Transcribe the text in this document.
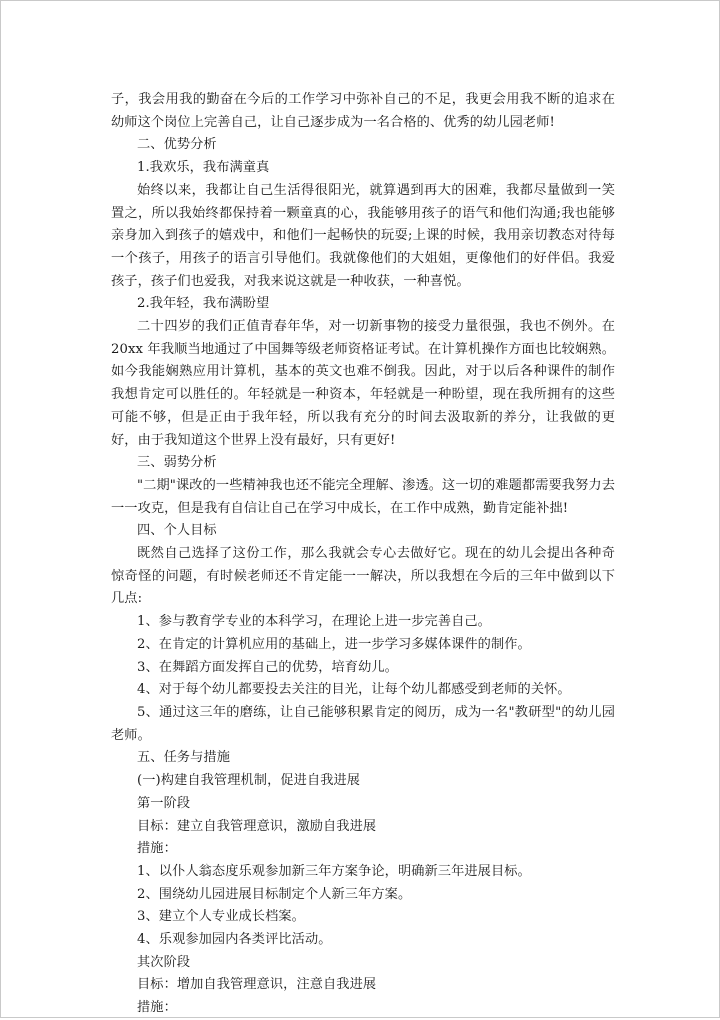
子，我会用我的勤奋在今后的工作学习中弥补自己的不足，我更会用我不断的追求在幼师这个岗位上完善自己，让自己逐步成为一名合格的、优秀的幼儿园老师!

二、优势分析

1.我欢乐，我布满童真

始终以来，我都让自己生活得很阳光，就算遇到再大的困难，我都尽量做到一笑置之，所以我始终都保持着一颗童真的心，我能够用孩子的语气和他们沟通;我也能够亲身加入到孩子的嬉戏中，和他们一起畅快的玩耍;上课的时候，我用亲切教态对待每一个孩子，用孩子的语言引导他们。我就像他们的大姐姐，更像他们的好伴侣。我爱孩子，孩子们也爱我，对我来说这就是一种收获，一种喜悦。

2.我年轻，我布满盼望

二十四岁的我们正值青春年华，对一切新事物的接受力量很强，我也不例外。在 20xx 年我顺当地通过了中国舞等级老师资格证考试。在计算机操作方面也比较娴熟。如今我能娴熟应用计算机，基本的英文也难不倒我。因此，对于以后各种课件的制作我想肯定可以胜任的。年轻就是一种资本，年轻就是一种盼望，现在我所拥有的这些可能不够，但是正由于我年轻，所以我有充分的时间去汲取新的养分，让我做的更好，由于我知道这个世界上没有最好，只有更好!

三、弱势分析

"二期"课改的一些精神我也还不能完全理解、渗透。这一切的难题都需要我努力去一一攻克，但是我有自信让自己在学习中成长，在工作中成熟，勤肯定能补拙!

四、个人目标

既然自己选择了这份工作，那么我就会专心去做好它。现在的幼儿会提出各种奇惊奇怪的问题，有时候老师还不肯定能一一解决，所以我想在今后的三年中做到以下几点:

1、参与教育学专业的本科学习，在理论上进一步完善自己。

2、在肯定的计算机应用的基础上，进一步学习多媒体课件的制作。

3、在舞蹈方面发挥自己的优势，培育幼儿。

4、对于每个幼儿都要投去关注的目光，让每个幼儿都感受到老师的关怀。

5、通过这三年的磨练，让自己能够积累肯定的阅历，成为一名"教研型"的幼儿园老师。

五、任务与措施

(一)构建自我管理机制，促进自我进展

第一阶段

目标：建立自我管理意识，激励自我进展

措施：

1、以仆人翁态度乐观参加新三年方案争论，明确新三年进展目标。

2、围绕幼儿园进展目标制定个人新三年方案。

3、建立个人专业成长档案。

4、乐观参加园内各类评比活动。

其次阶段

目标：增加自我管理意识，注意自我进展

措施：
